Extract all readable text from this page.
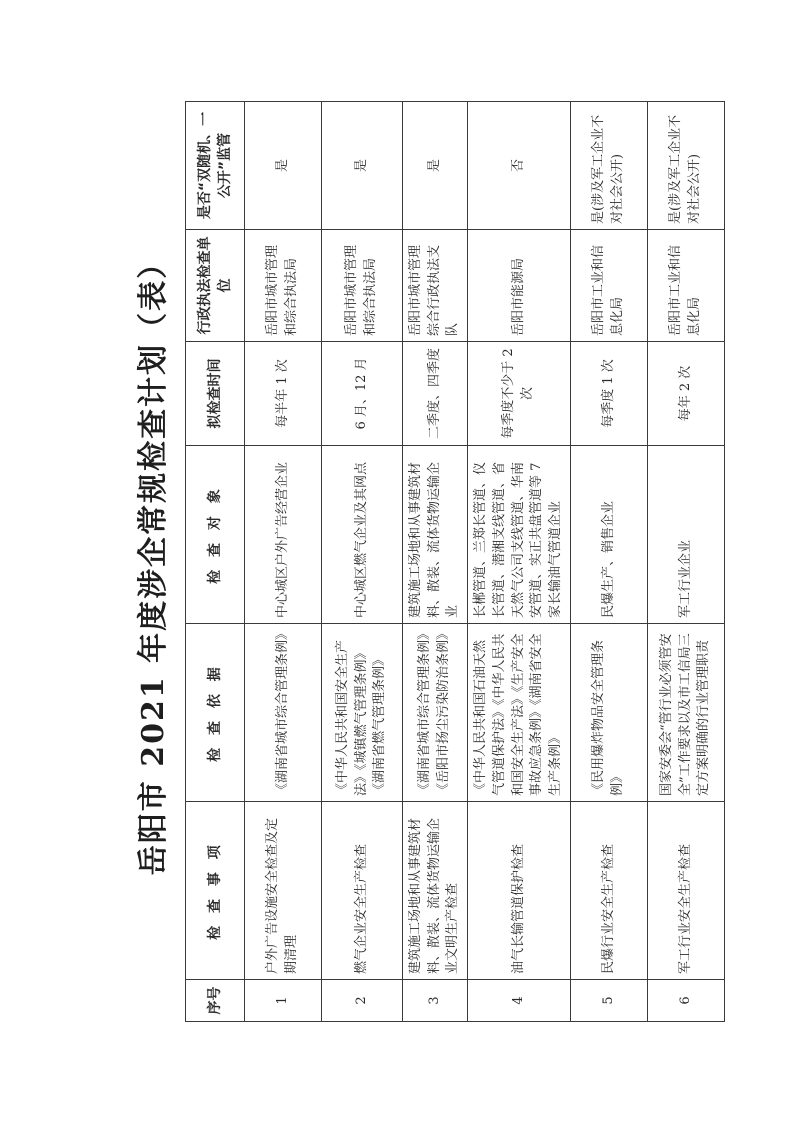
岳阳市 2021 年度涉企常规检查计划（表）
序号	检 查 事 项	检 查 依 据	检 查 对 象	拟检查时间	行政执法检查单位	是否“双随机、一公开”监管
1	户外广告设施安全检查及定期清理	《湖南省城市综合管理条例》	中心城区户外广告经营企业	每半年 1 次	岳阳市城市管理和综合执法局	是
2	燃气企业安全生产检查	《中华人民共和国安全生产法》《城镇燃气管理条例》《湖南省燃气管理条例》	中心城区燃气企业及其网点	6 月、12 月	岳阳市城市管理和综合执法局	是
3	建筑施工场地和从事建筑材料、散装、流体货物运输企业文明生产检查	《湖南省城市综合管理条例》《岳阳市扬尘污染防治条例》	建筑施工场地和从事建筑材料、散装、流体货物运输企业	二季度、四季度	岳阳市城市管理综合行政执法支队	是
4	油气长输管道保护检查	《中华人民共和国石油天然气管道保护法》《中华人民共和国安全生产法》《生产安全事故应急条例》《湖南省安全生产条例》	长郴管道、兰郑长管道、仪长管道、潜湘支线管道、省天然气公司支线管道、华南安管道、实正共盘管道等 7 家长输油气管道企业	每季度不少于 2 次	岳阳市能源局	否
5	民爆行业安全生产检查	《民用爆炸物品安全管理条例》	民爆生产、销售企业	每季度 1 次	岳阳市工业和信息化局	是(涉及军工企业不对社会公开)
6	军工行业安全生产检查	国家安委会“管行业必须管安全”工作要求以及市工信局三定方案明确的行业管理职责	军工行业企业	每年 2 次	岳阳市工业和信息化局	是(涉及军工企业不对社会公开)
